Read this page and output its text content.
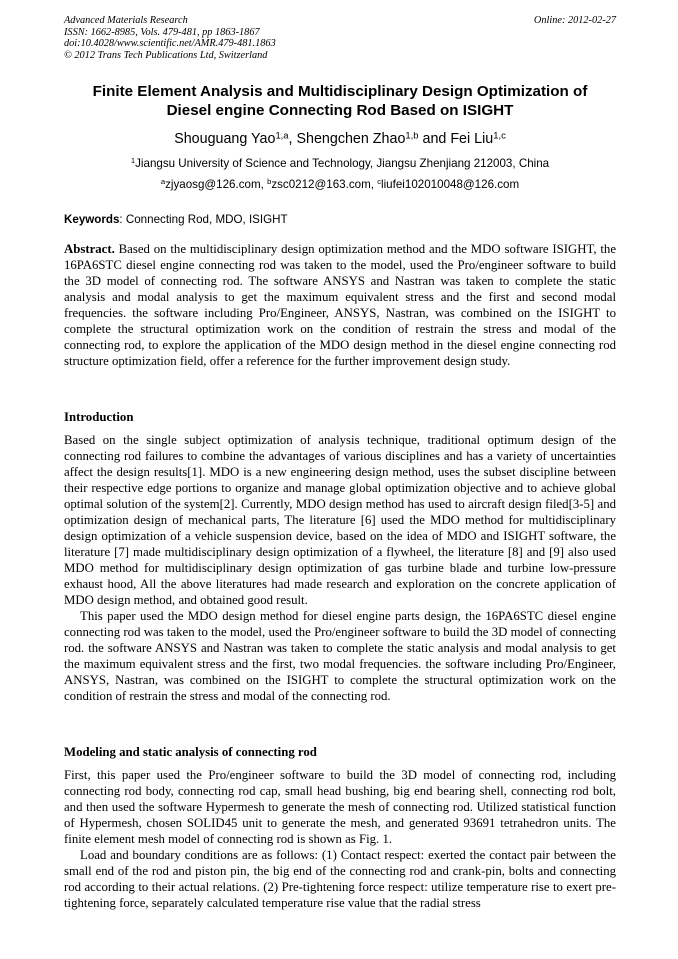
Advanced Materials Research
ISSN: 1662-8985, Vols. 479-481, pp 1863-1867
doi:10.4028/www.scientific.net/AMR.479-481.1863
© 2012 Trans Tech Publications Ltd, Switzerland
Online: 2012-02-27
Finite Element Analysis and Multidisciplinary Design Optimization of
Diesel engine Connecting Rod Based on ISIGHT
Shouguang Yao$^{1,a}$, Shengchen Zhao$^{1,b}$ and Fei Liu$^{1,c}$
$^1$Jiangsu University of Science and Technology, Jiangsu Zhenjiang 212003, China
$^a$zjyaosg@126.com, $^b$zsc0212@163.com, $^c$liufei102010048@126.com
Keywords: Connecting Rod, MDO, ISIGHT

Abstract. Based on the multidisciplinary design optimization method and the MDO software ISIGHT, the 16PA6STC diesel engine connecting rod was taken to the model, used the Pro/engineer software to build the 3D model of connecting rod. The software ANSYS and Nastran was taken to complete the static analysis and modal analysis to get the maximum equivalent stress and the first and second modal frequencies. the software including Pro/Engineer, ANSYS, Nastran, was combined on the ISIGHT to complete the structural optimization work on the condition of restrain the stress and modal of the connecting rod, to explore the application of the MDO design method in the diesel engine connecting rod structure optimization field, offer a reference for the further improvement design study.

Introduction

Based on the single subject optimization of analysis technique, traditional optimum design of the connecting rod failures to combine the advantages of various disciplines and has a variety of uncertainties affect the design results[1]. MDO is a new engineering design method, uses the subset discipline between their respective edge portions to organize and manage global optimization objective and to achieve global optimal solution of the system[2]. Currently, MDO design method has used to aircraft design filed[3-5] and optimization design of mechanical parts, The literature [6] used the MDO method for multidisciplinary design optimization of a vehicle suspension device, based on the idea of MDO and ISIGHT software, the literature [7] made multidisciplinary design optimization of a flywheel, the literature [8] and [9] also used MDO method for multidisciplinary design optimization of gas turbine blade and turbine low-pressure exhaust hood, All the above literatures had made research and exploration on the concrete application of MDO design method, and obtained good result.

This paper used the MDO design method for diesel engine parts design, the 16PA6STC diesel engine connecting rod was taken to the model, used the Pro/engineer software to build the 3D model of connecting rod. the software ANSYS and Nastran was taken to complete the static analysis and modal analysis to get the maximum equivalent stress and the first, two modal frequencies. the software including Pro/Engineer, ANSYS, Nastran, was combined on the ISIGHT to complete the structural optimization work on the condition of restrain the stress and modal of the connecting rod.

Modeling and static analysis of connecting rod

First, this paper used the Pro/engineer software to build the 3D model of connecting rod, including connecting rod body, connecting rod cap, small head bushing, big end bearing shell, connecting rod bolt, and then used the software Hypermesh to generate the mesh of connecting rod. Utilized statistical function of Hypermesh, chosen SOLID45 unit to generate the mesh, and generated 93691 tetrahedron units. The finite element mesh model of connecting rod is shown as Fig. 1.

Load and boundary conditions are as follows: (1) Contact respect: exerted the contact pair between the small end of the rod and piston pin, the big end of the connecting rod and crank-pin, bolts and connecting rod according to their actual relations. (2) Pre-tightening force respect: utilize temperature rise to exert pre-tightening force, separately calculated temperature rise value that the radial stress
